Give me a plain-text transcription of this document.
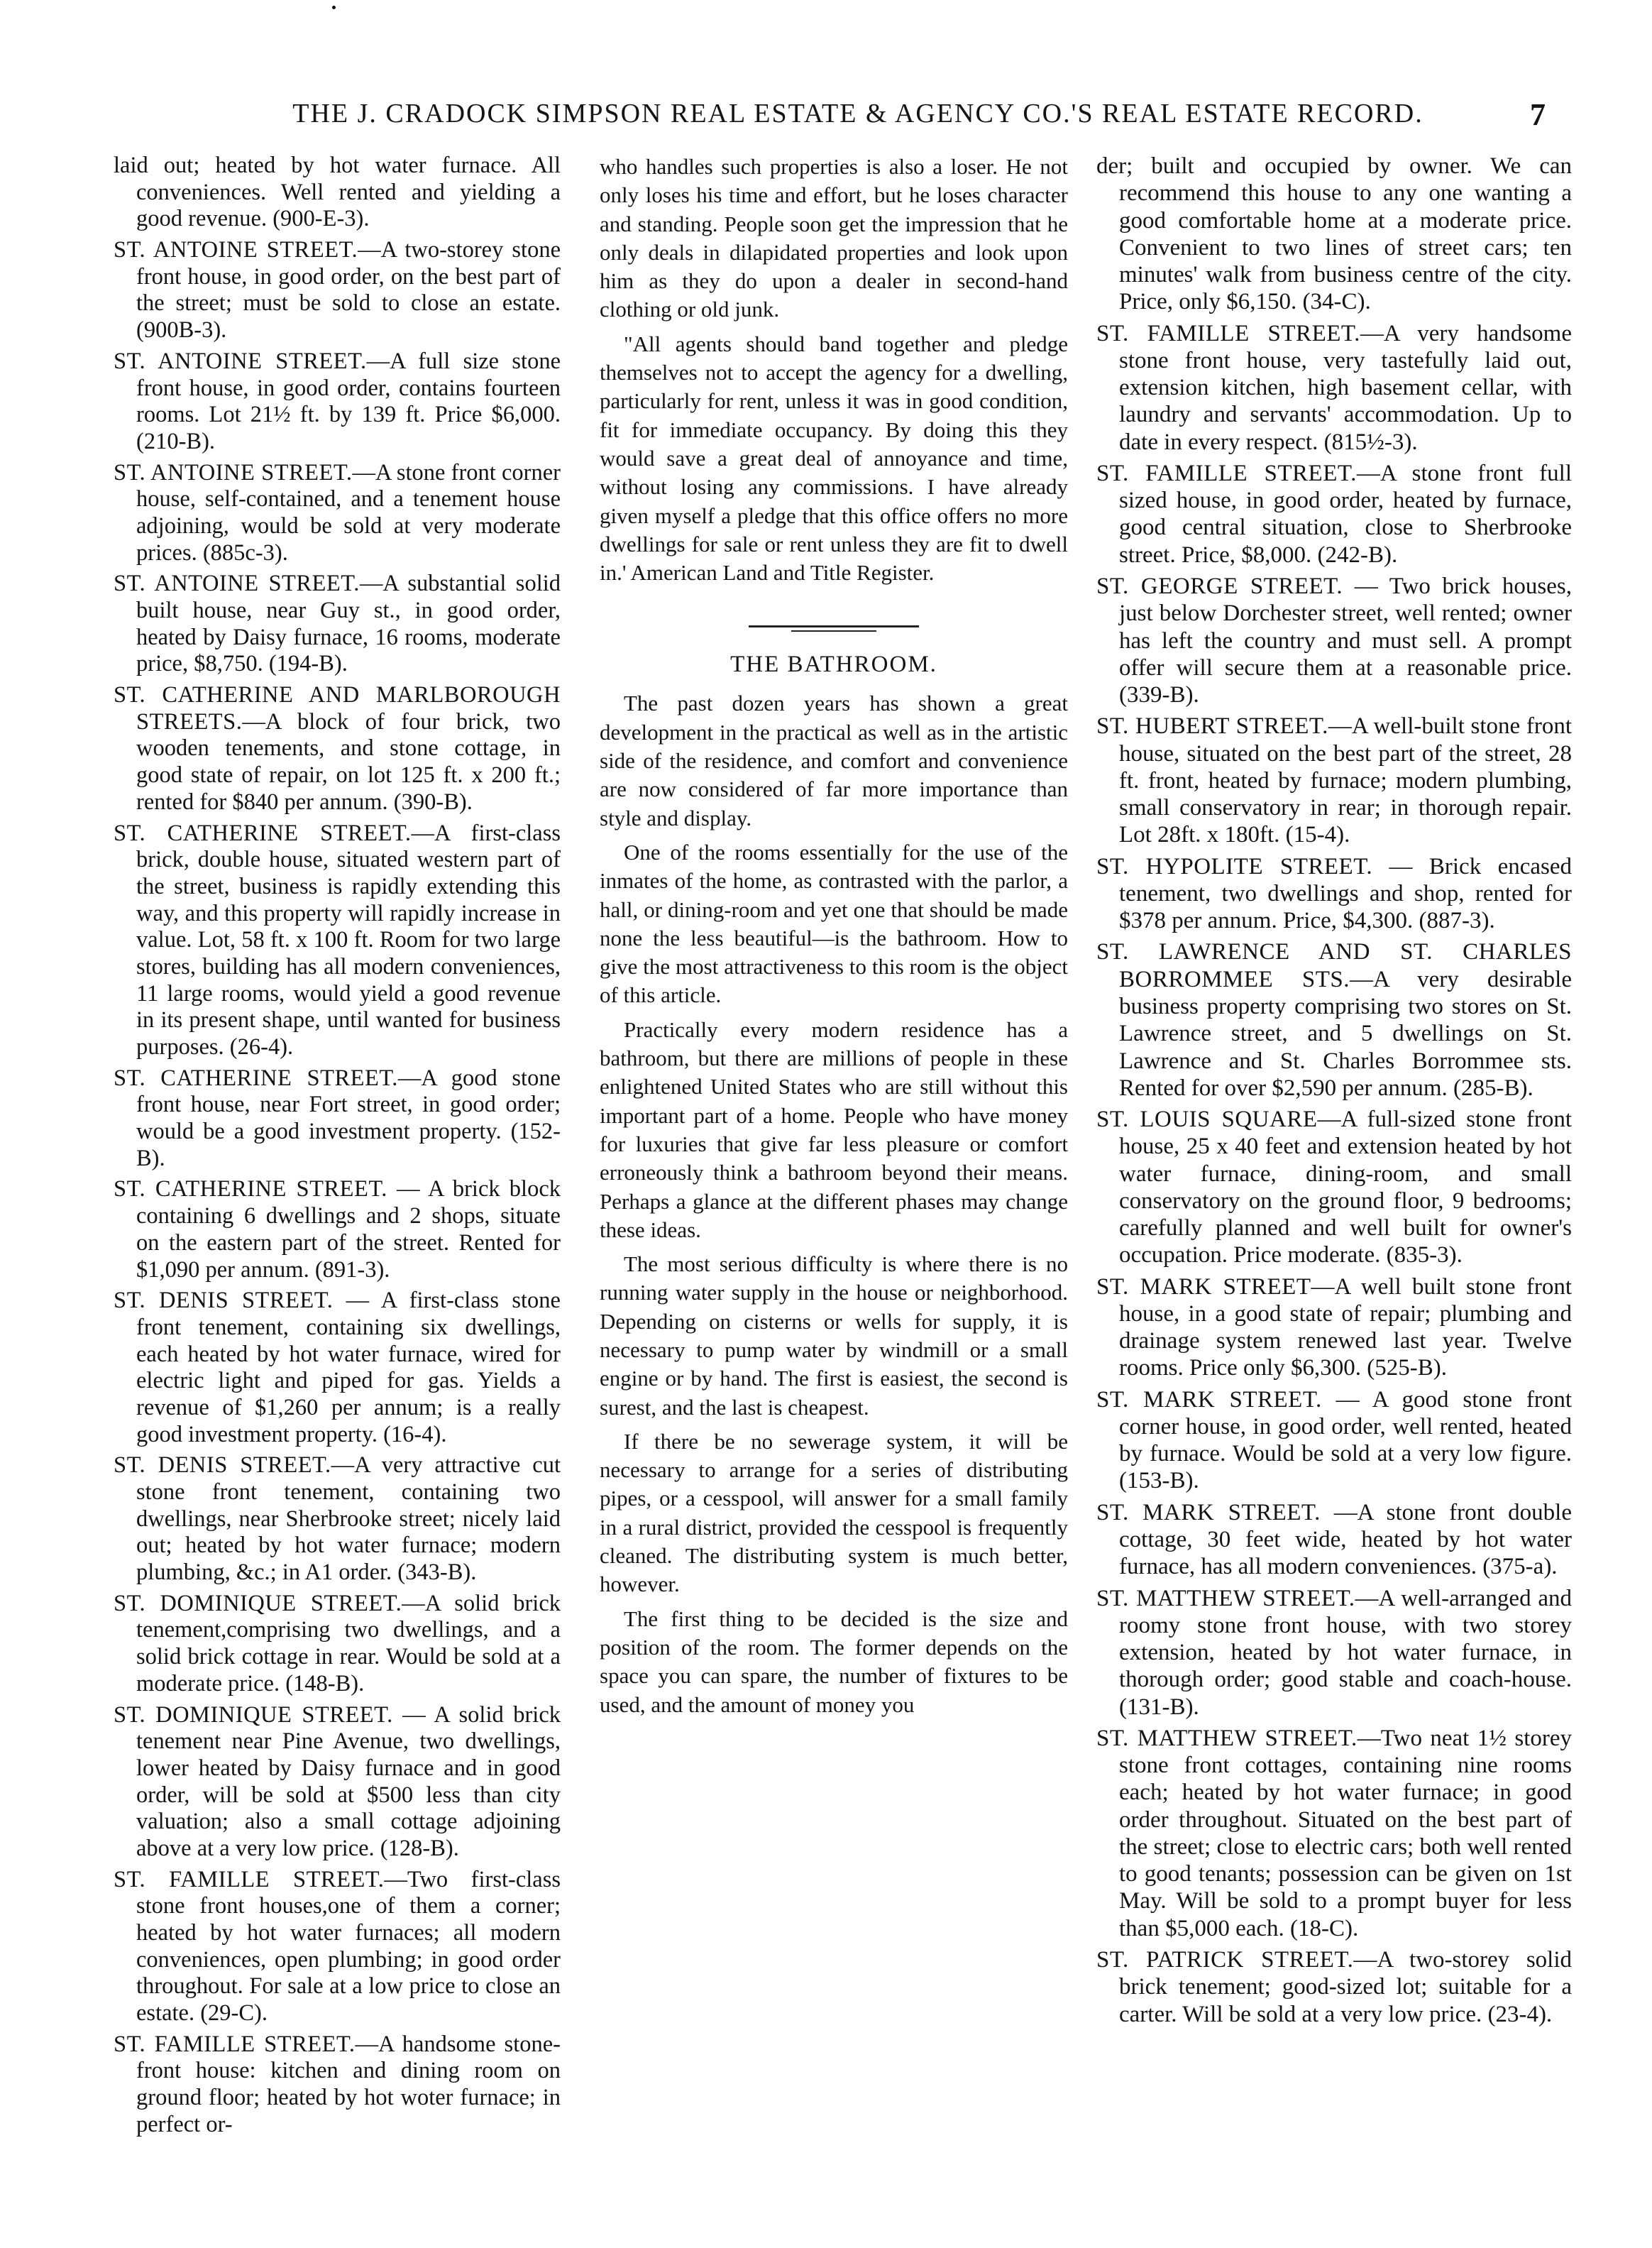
THE J. CRADOCK SIMPSON REAL ESTATE & AGENCY CO.'S REAL ESTATE RECORD.	7

laid out; heated by hot water furnace. All conveniences. Well rented and yielding a good revenue. (900-E-3).

ST. ANTOINE STREET.—A two-storey stone front house, in good order, on the best part of the street; must be sold to close an estate. (900B-3).

ST. ANTOINE STREET.—A full size stone front house, in good order, contains fourteen rooms. Lot 21½ ft. by 139 ft. Price $6,000. (210-B).

ST. ANTOINE STREET.—A stone front corner house, self-contained, and a tenement house adjoining, would be sold at very moderate prices. (885c-3).

ST. ANTOINE STREET.—A substantial solid built house, near Guy st., in good order, heated by Daisy furnace, 16 rooms, moderate price, $8,750. (194-B).

ST. CATHERINE AND MARLBOROUGH STREETS.—A block of four brick, two wooden tenements, and stone cottage, in good state of repair, on lot 125 ft. x 200 ft.; rented for $840 per annum. (390-B).

ST. CATHERINE STREET.—A first-class brick, double house, situated western part of the street, business is rapidly extending this way, and this property will rapidly increase in value. Lot, 58 ft. x 100 ft. Room for two large stores, building has all modern conveniences, 11 large rooms, would yield a good revenue in its present shape, until wanted for business purposes. (26-4).

ST. CATHERINE STREET.—A good stone front house, near Fort street, in good order; would be a good investment property. (152-B).

ST. CATHERINE STREET. — A brick block containing 6 dwellings and 2 shops, situate on the eastern part of the street. Rented for $1,090 per annum. (891-3).

ST. DENIS STREET. — A first-class stone front tenement, containing six dwellings, each heated by hot water furnace, wired for electric light and piped for gas. Yields a revenue of $1,260 per annum; is a really good investment property. (16-4).

ST. DENIS STREET.—A very attractive cut stone front tenement, containing two dwellings, near Sherbrooke street; nicely laid out; heated by hot water furnace; modern plumbing, &c.; in A1 order. (343-B).

ST. DOMINIQUE STREET.—A solid brick tenement,comprising two dwellings, and a solid brick cottage in rear. Would be sold at a moderate price. (148-B).

ST. DOMINIQUE STREET. — A solid brick tenement near Pine Avenue, two dwellings, lower heated by Daisy furnace and in good order, will be sold at $500 less than city valuation; also a small cottage adjoining above at a very low price. (128-B).

ST. FAMILLE STREET.—Two first-class stone front houses,one of them a corner; heated by hot water furnaces; all modern conveniences, open plumbing; in good order throughout. For sale at a low price to close an estate. (29-C).

ST. FAMILLE STREET.—A handsome stone-front house: kitchen and dining room on ground floor; heated by hot woter furnace; in perfect or-

who handles such properties is also a loser. He not only loses his time and effort, but he loses character and standing. People soon get the impression that he only deals in dilapidated properties and look upon him as they do upon a dealer in second-hand clothing or old junk.

"All agents should band together and pledge themselves not to accept the agency for a dwelling, particularly for rent, unless it was in good condition, fit for immediate occupancy. By doing this they would save a great deal of annoyance and time, without losing any commissions. I have already given myself a pledge that this office offers no more dwellings for sale or rent unless they are fit to dwell in.' American Land and Title Register.

THE BATHROOM.

The past dozen years has shown a great development in the practical as well as in the artistic side of the residence, and comfort and convenience are now considered of far more importance than style and display.

One of the rooms essentially for the use of the inmates of the home, as contrasted with the parlor, a hall, or dining-room and yet one that should be made none the less beautiful—is the bathroom. How to give the most attractiveness to this room is the object of this article.

Practically every modern residence has a bathroom, but there are millions of people in these enlightened United States who are still without this important part of a home. People who have money for luxuries that give far less pleasure or comfort erroneously think a bathroom beyond their means. Perhaps a glance at the different phases may change these ideas.

The most serious difficulty is where there is no running water supply in the house or neighborhood. Depending on cisterns or wells for supply, it is necessary to pump water by windmill or a small engine or by hand. The first is easiest, the second is surest, and the last is cheapest.

If there be no sewerage system, it will be necessary to arrange for a series of distributing pipes, or a cesspool, will answer for a small family in a rural district, provided the cesspool is frequently cleaned. The distributing system is much better, however.

The first thing to be decided is the size and position of the room. The former depends on the space you can spare, the number of fixtures to be used, and the amount of money you

der; built and occupied by owner. We can recommend this house to any one wanting a good comfortable home at a moderate price. Convenient to two lines of street cars; ten minutes' walk from business centre of the city. Price, only $6,150. (34-C).

ST. FAMILLE STREET.—A very handsome stone front house, very tastefully laid out, extension kitchen, high basement cellar, with laundry and servants' accommodation. Up to date in every respect. (815½-3).

ST. FAMILLE STREET.—A stone front full sized house, in good order, heated by furnace, good central situation, close to Sherbrooke street. Price, $8,000. (242-B).

ST. GEORGE STREET. — Two brick houses, just below Dorchester street, well rented; owner has left the country and must sell. A prompt offer will secure them at a reasonable price. (339-B).

ST. HUBERT STREET.—A well-built stone front house, situated on the best part of the street, 28 ft. front, heated by furnace; modern plumbing, small conservatory in rear; in thorough repair. Lot 28ft. x 180ft. (15-4).

ST. HYPOLITE STREET. — Brick encased tenement, two dwellings and shop, rented for $378 per annum. Price, $4,300. (887-3).

ST. LAWRENCE AND ST. CHARLES BORROMMEE STS.—A very desirable business property comprising two stores on St. Lawrence street, and 5 dwellings on St. Lawrence and St. Charles Borrommee sts. Rented for over $2,590 per annum. (285-B).

ST. LOUIS SQUARE—A full-sized stone front house, 25 x 40 feet and extension heated by hot water furnace, dining-room, and small conservatory on the ground floor, 9 bedrooms; carefully planned and well built for owner's occupation. Price moderate. (835-3).

ST. MARK STREET—A well built stone front house, in a good state of repair; plumbing and drainage system renewed last year. Twelve rooms. Price only $6,300. (525-B).

ST. MARK STREET. — A good stone front corner house, in good order, well rented, heated by furnace. Would be sold at a very low figure. (153-B).

ST. MARK STREET. —A stone front double cottage, 30 feet wide, heated by hot water furnace, has all modern conveniences. (375-a).

ST. MATTHEW STREET.—A well-arranged and roomy stone front house, with two storey extension, heated by hot water furnace, in thorough order; good stable and coach-house. (131-B).

ST. MATTHEW STREET.—Two neat 1½ storey stone front cottages, containing nine rooms each; heated by hot water furnace; in good order throughout. Situated on the best part of the street; close to electric cars; both well rented to good tenants; possession can be given on 1st May. Will be sold to a prompt buyer for less than $5,000 each. (18-C).

ST. PATRICK STREET.—A two-storey solid brick tenement; good-sized lot; suitable for a carter. Will be sold at a very low price. (23-4).
